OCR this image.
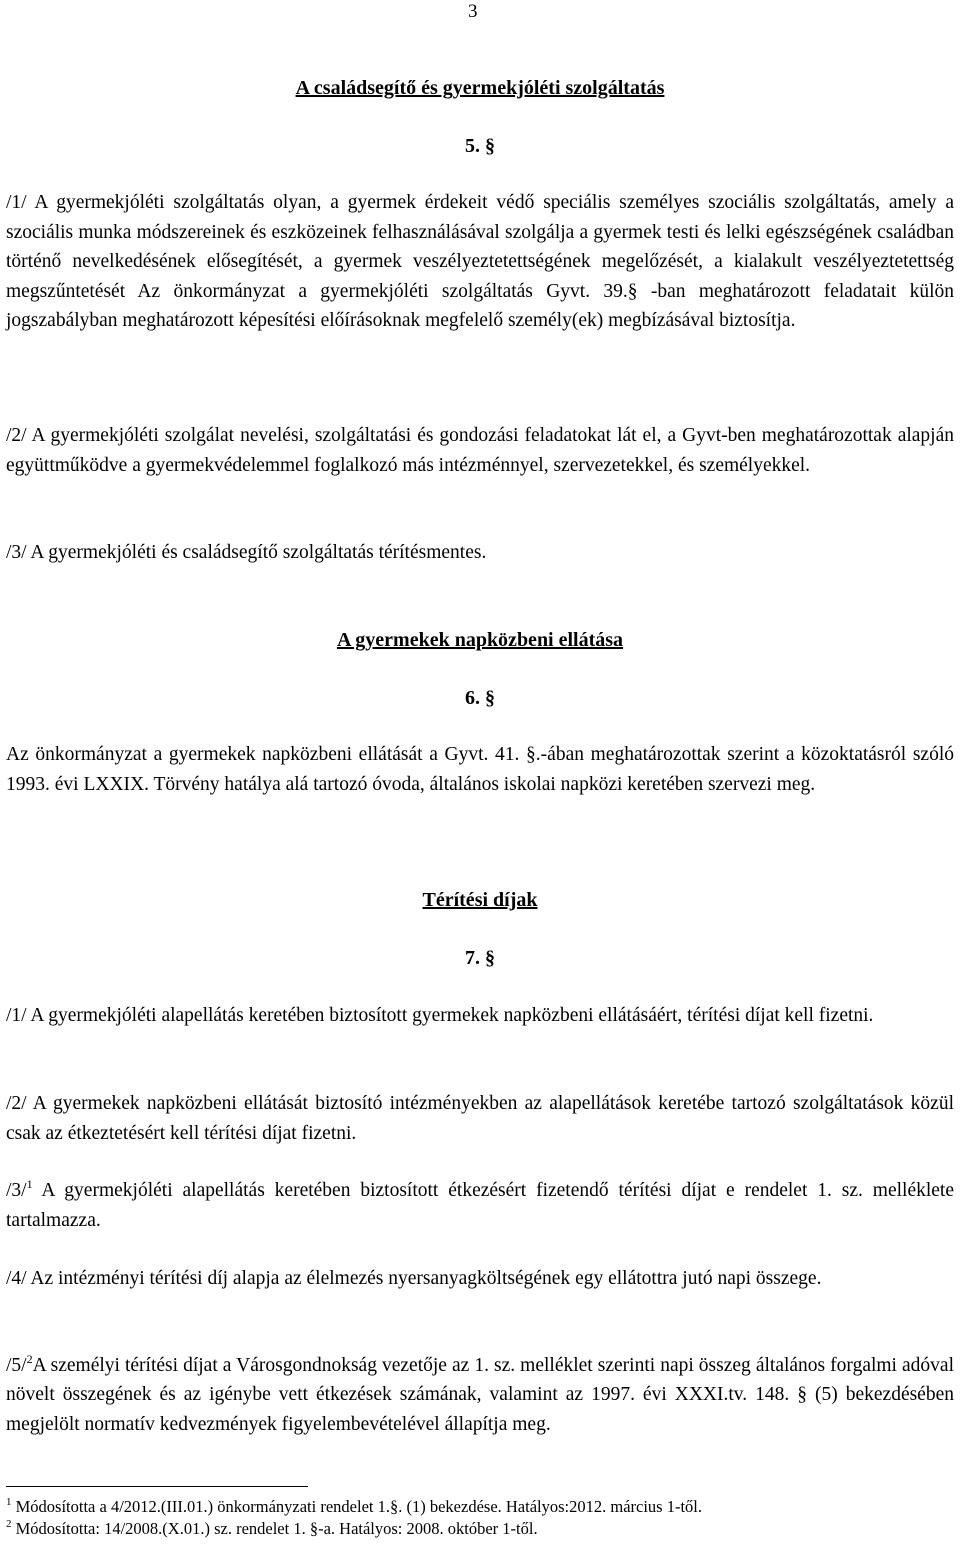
3
A családsegítő és gyermekjóléti szolgáltatás
5. §
/1/ A gyermekjóléti szolgáltatás olyan, a gyermek érdekeit védő speciális személyes szociális szolgáltatás, amely a szociális munka módszereinek és eszközeinek felhasználásával szolgálja a gyermek testi és lelki egészségének családban történő nevelkedésének elősegítését, a gyermek veszélyeztetettségének megelőzését, a kialakult veszélyeztetettség megszűntetését Az önkormányzat a gyermekjóléti szolgáltatás Gyvt. 39.§ -ban meghatározott feladatait külön jogszabályban meghatározott képesítési előírásoknak megfelelő személy(ek) megbízásával biztosítja.
/2/ A gyermekjóléti szolgálat nevelési, szolgáltatási és gondozási feladatokat lát el, a Gyvt-ben meghatározottak alapján együttműködve a gyermekvédelemmel foglalkozó más intézménnyel, szervezetekkel, és személyekkel.
/3/ A gyermekjóléti és családsegítő szolgáltatás térítésmentes.
A gyermekek napközbeni ellátása
6. §
Az önkormányzat a gyermekek napközbeni ellátását a Gyvt. 41. §.-ában meghatározottak szerint a közoktatásról szóló 1993. évi LXXIX. Törvény hatálya alá tartozó óvoda, általános iskolai napközi keretében szervezi meg.
Térítési díjak
7. §
/1/ A gyermekjóléti alapellátás keretében biztosított gyermekek napközbeni ellátásáért, térítési díjat kell fizetni.
/2/ A gyermekek napközbeni ellátását biztosító intézményekben az alapellátások keretébe tartozó szolgáltatások közül csak az étkeztetésért kell térítési díjat fizetni.
/3/$^1$ A gyermekjóléti alapellátás keretében biztosított étkezésért fizetendő térítési díjat e rendelet 1. sz. melléklete tartalmazza.
/4/ Az intézményi térítési díj alapja az élelmezés nyersanyagköltségének egy ellátottra jutó napi összege.
/5/$^2$A személyi térítési díjat a Városgondnokság vezetője az 1. sz. melléklet szerinti napi összeg általános forgalmi adóval növelt összegének és az igénybe vett étkezések számának, valamint az 1997. évi XXXI.tv. 148. § (5) bekezdésében megjelölt normatív kedvezmények figyelembevételével állapítja meg.
$^1$ Módosította a 4/2012.(III.01.) önkormányzati rendelet 1.§. (1) bekezdése. Hatályos:2012. március 1-től.
$^2$ Módosította: 14/2008.(X.01.) sz. rendelet 1. §-a. Hatályos: 2008. október 1-től.
